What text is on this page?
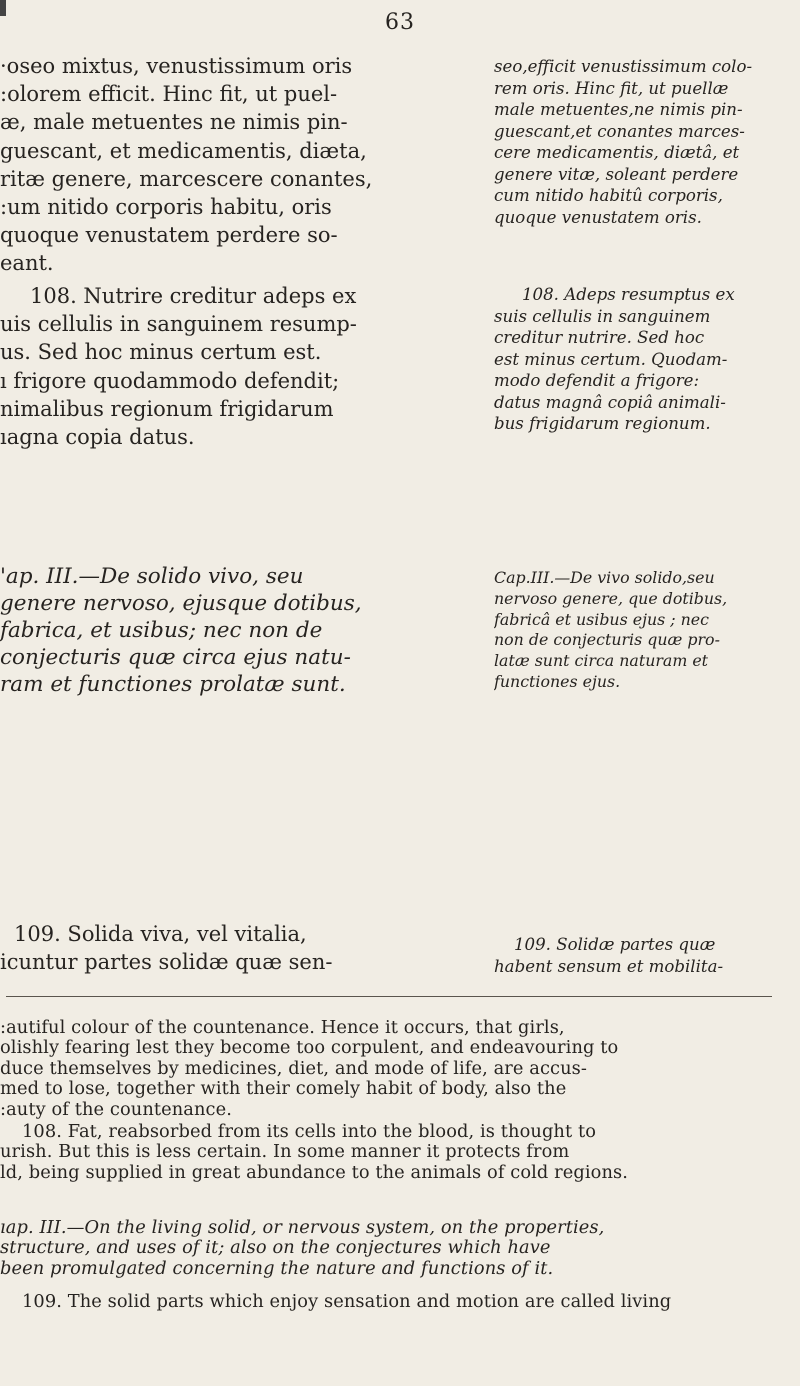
63
·oseo mixtus, venustissimum oris
:olorem efficit. Hinc fit, ut puel-
æ, male metuentes ne nimis pin-
guescant, et medicamentis, diæta,
ritæ genere, marcescere conantes,
:um nitido corporis habitu, oris
quoque venustatem perdere so-
eant.
108. Nutrire creditur adeps ex
uis cellulis in sanguinem resump-
us. Sed hoc minus certum est.
ı frigore quodammodo defendit;
nimalibus regionum frigidarum
ıagna copia datus.
'ap. III.—De solido vivo, seu
genere nervoso, ejusque dotibus,
fabrica, et usibus; nec non de
conjecturis quæ circa ejus natu-
ram et functiones prolatæ sunt.
109. Solida viva, vel vitalia,
icuntur partes solidæ quæ sen-
seo,efficit venustissimum colo-
rem oris. Hinc fit, ut puellæ
male metuentes,ne nimis pin-
guescant,et conantes marces-
cere medicamentis, diætâ, et
genere vitæ, soleant perdere
cum nitido habitû corporis,
quoque venustatem oris.
108. Adeps resumptus ex
suis cellulis in sanguinem
creditur nutrire. Sed hoc
est minus certum. Quodam-
modo defendit a frigore:
datus magnâ copiâ animali-
bus frigidarum regionum.
Cap.III.—De vivo solido,seu
nervoso genere, que dotibus,
fabricâ et usibus ejus ; nec
non de conjecturis quæ pro-
latæ sunt circa naturam et
functiones ejus.
109. Solidæ partes quæ
habent sensum et mobilita-
:autiful colour of the countenance. Hence it occurs, that girls,
olishly fearing lest they become too corpulent, and endeavouring to
duce themselves by medicines, diet, and mode of life, are accus-
med to lose, together with their comely habit of body, also the
:auty of the countenance.
108. Fat, reabsorbed from its cells into the blood, is thought to
urish. But this is less certain. In some manner it protects from
ld, being supplied in great abundance to the animals of cold regions.
ıap. III.—On the living solid, or nervous system, on the properties,
structure, and uses of it; also on the conjectures which have
been promulgated concerning the nature and functions of it.
109. The solid parts which enjoy sensation and motion are called living
